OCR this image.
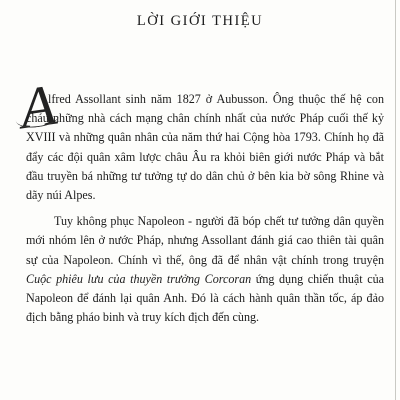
LỜI GIỚI THIỆU
A

lfred Assollant sinh năm 1827 ở Aubusson. Ông thuộc thế hệ con cháu những nhà cách mạng chân chính nhất của nước Pháp cuối thế kỷ XVIII và những quân nhân của năm thứ hai Cộng hòa 1793. Chính họ đã đẩy các đội quân xâm lược châu Âu ra khỏi biên giới nước Pháp và bắt đầu truyền bá những tư tưởng tự do dân chủ ở bên kia bờ sông Rhine và dãy núi Alpes.

Tuy không phục Napoleon - người đã bóp chết tư tưởng dân quyền mới nhóm lên ở nước Pháp, nhưng Assollant đánh giá cao thiên tài quân sự của Napoleon. Chính vì thế, ông đã để nhân vật chính trong truyện Cuộc phiêu lưu của thuyền trưởng Corcoran ứng dụng chiến thuật của Napoleon để đánh lại quân Anh. Đó là cách hành quân thần tốc, áp đảo địch bằng pháo binh và truy kích địch đến cùng.
